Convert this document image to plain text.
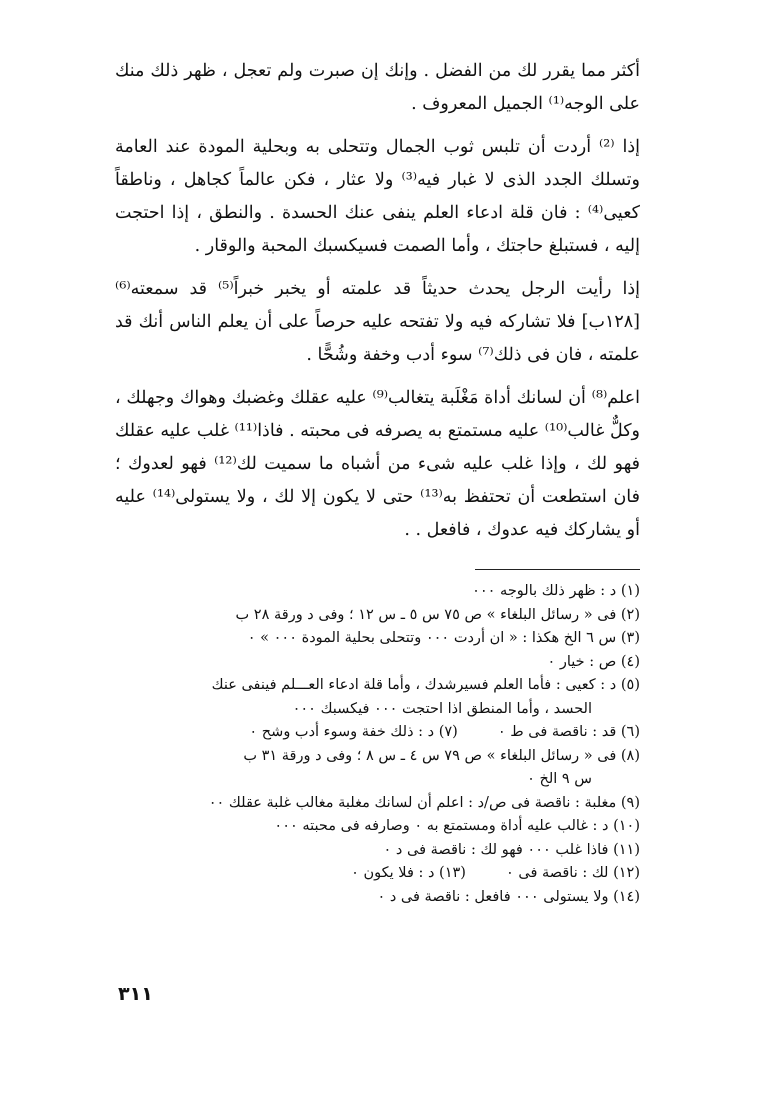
أكثر مما يقرر لك من الفضل . وإنك إن صبرت ولم تعجل ، ظهر ذلك منك على الوجه⁽¹⁾ الجميل المعروف .

إذا ⁽²⁾ أردت أن تلبس ثوب الجمال وتتحلى به وبحلية المودة عند العامة وتسلك الجدد الذى لا غبار فيه⁽³⁾ ولا عثار ، فكن عالماً كجاهل ، وناطقاً كعيى⁽⁴⁾ : فان قلة ادعاء العلم ينفى عنك الحسدة . والنطق ، إذا احتجت إليه ، فستبلغ حاجتك ، وأما الصمت فسيكسبك المحبة والوقار .

إذا رأيت الرجل يحدث حديثاً قد علمته أو يخبر خبراً⁽⁵⁾ قد سمعته⁽⁶⁾ [١٢٨ب] فلا تشاركه فيه ولا تفتحه عليه حرصاً على أن يعلم الناس أنك قد علمته ، فان فى ذلك⁽⁷⁾ سوء أدب وخفة وشُحًّا .

اعلم⁽⁸⁾ أن لسانك أداة مَغْلَبة يتغالب⁽⁹⁾ عليه عقلك وغضبك وهواك وجهلك ، وكلٌّ غالب⁽¹⁰⁾ عليه مستمتع به يصرفه فى محبته . فاذا⁽¹¹⁾ غلب عليه عقلك فهو لك ، وإذا غلب عليه شىء من أشباه ما سميت لك⁽¹²⁾ فهو لعدوك ؛ فان استطعت أن تحتفظ به⁽¹³⁾ حتى لا يكون إلا لك ، ولا يستولى⁽¹⁴⁾ عليه أو يشاركك فيه عدوك ، فافعل . .

(١) د : ظهر ذلك بالوجه ٠٠٠
(٢) فى « رسائل البلغاء » ص ٧٥ س ٥ ـ س ١٢ ؛ وفى د ورقة ٢٨ ب
(٣) س ٦ الخ هكذا : « ان أردت ٠٠٠ وتتحلى بحلية المودة ٠٠٠ » ٠
(٤) ص : خيار ٠
(٥) د : كعيى : فأما العلم فسيرشدك ، وأما قلة ادعاء العـــلم فينفى عنك
الحسد ، وأما المنطق اذا احتجت ٠٠٠ فيكسبك ٠٠٠
(٦) قد : ناقصة فى ط ٠
(٧) د : ذلك خفة وسوء أدب وشح ٠
(٨) فى « رسائل البلغاء » ص ٧٩ س ٤ ـ س ٨ ؛ وفى د ورقة ٣١ ب
س ٩ الخ ٠
(٩) مغلبة : ناقصة فى ص/د : اعلم أن لسانك مغلبة مغالب غلبة عقلك ٠٠
(١٠) د : غالب عليه أداة ومستمتع به ٠ وصارفه فى محبته ٠٠٠
(١١) فاذا غلب ٠٠٠ فهو لك : ناقصة فى د ٠
(١٢) لك : ناقصة فى ٠
(١٣) د : فلا يكون ٠
(١٤) ولا يستولى ٠٠٠ فافعل : ناقصة فى د ٠
٣١١
